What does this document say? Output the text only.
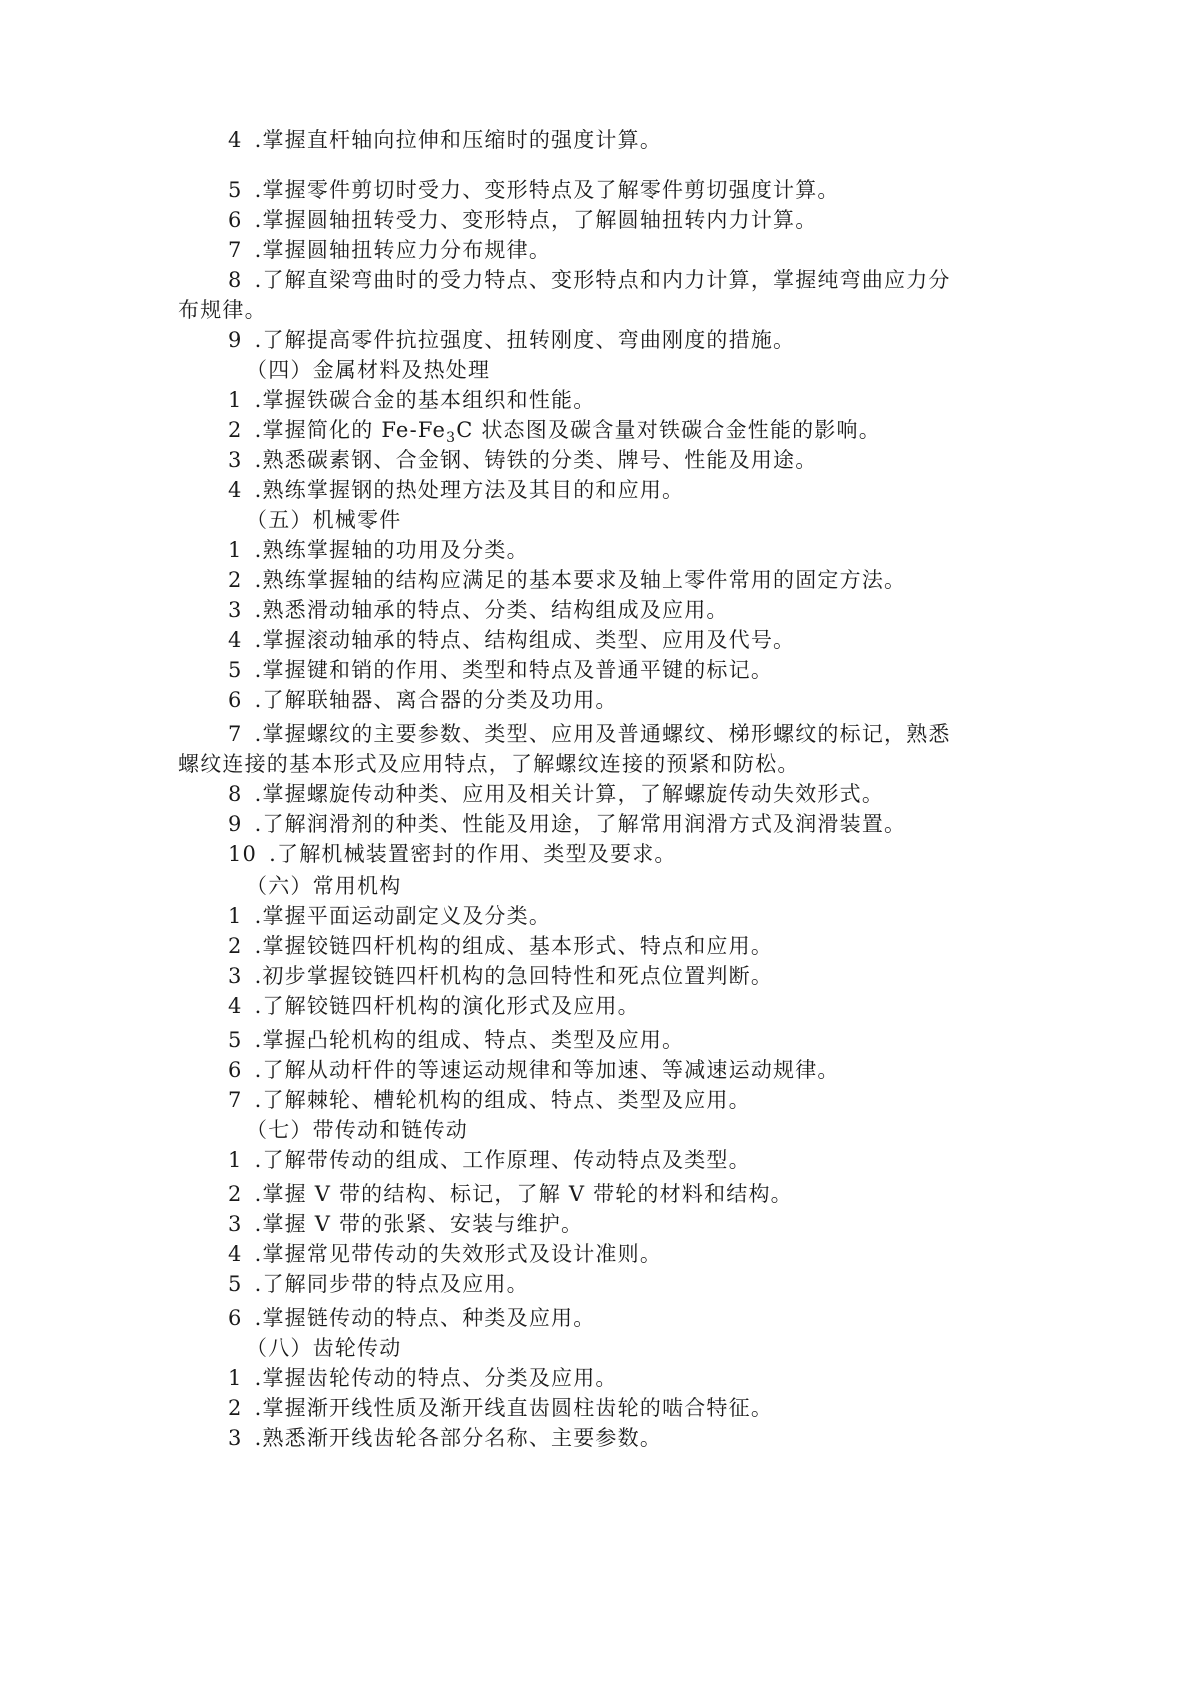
4 .掌握直杆轴向拉伸和压缩时的强度计算。
5 .掌握零件剪切时受力、变形特点及了解零件剪切强度计算。
6 .掌握圆轴扭转受力、变形特点，了解圆轴扭转内力计算。
7 .掌握圆轴扭转应力分布规律。
8 .了解直梁弯曲时的受力特点、变形特点和内力计算，掌握纯弯曲应力分
布规律。
9 .了解提高零件抗拉强度、扭转刚度、弯曲刚度的措施。
（四）金属材料及热处理
1 .掌握铁碳合金的基本组织和性能。
2 .掌握简化的 $Fe-Fe_3C$ 状态图及碳含量对铁碳合金性能的影响。
3 .熟悉碳素钢、合金钢、铸铁的分类、牌号、性能及用途。
4 .熟练掌握钢的热处理方法及其目的和应用。
（五）机械零件
1 .熟练掌握轴的功用及分类。
2 .熟练掌握轴的结构应满足的基本要求及轴上零件常用的固定方法。
3 .熟悉滑动轴承的特点、分类、结构组成及应用。
4 .掌握滚动轴承的特点、结构组成、类型、应用及代号。
5 .掌握键和销的作用、类型和特点及普通平键的标记。
6 .了解联轴器、离合器的分类及功用。
7 .掌握螺纹的主要参数、类型、应用及普通螺纹、梯形螺纹的标记，熟悉
螺纹连接的基本形式及应用特点，了解螺纹连接的预紧和防松。
8 .掌握螺旋传动种类、应用及相关计算，了解螺旋传动失效形式。
9 .了解润滑剂的种类、性能及用途，了解常用润滑方式及润滑装置。
10 .了解机械装置密封的作用、类型及要求。
（六）常用机构
1 .掌握平面运动副定义及分类。
2 .掌握铰链四杆机构的组成、基本形式、特点和应用。
3 .初步掌握铰链四杆机构的急回特性和死点位置判断。
4 .了解铰链四杆机构的演化形式及应用。
5 .掌握凸轮机构的组成、特点、类型及应用。
6 .了解从动杆件的等速运动规律和等加速、等减速运动规律。
7 .了解棘轮、槽轮机构的组成、特点、类型及应用。
（七）带传动和链传动
1 .了解带传动的组成、工作原理、传动特点及类型。
2 .掌握 V 带的结构、标记，了解 V 带轮的材料和结构。
3 .掌握 V 带的张紧、安装与维护。
4 .掌握常见带传动的失效形式及设计准则。
5 .了解同步带的特点及应用。
6 .掌握链传动的特点、种类及应用。
（八）齿轮传动
1 .掌握齿轮传动的特点、分类及应用。
2 .掌握渐开线性质及渐开线直齿圆柱齿轮的啮合特征。
3 .熟悉渐开线齿轮各部分名称、主要参数。
